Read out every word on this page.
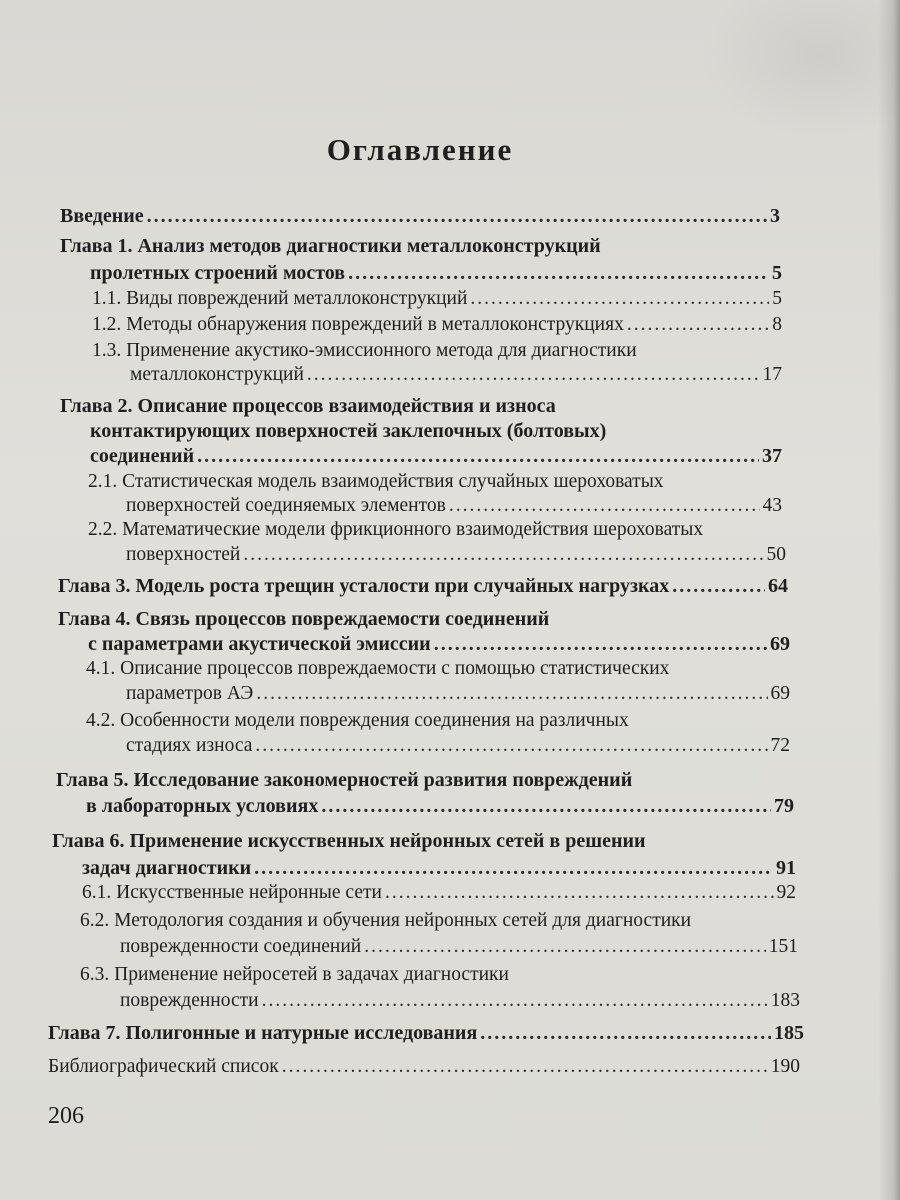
Оглавление
Введение .....	3
Глава 1. Анализ методов диагностики металлоконструкций
пролетных строений мостов .....	5
1.1. Виды повреждений металлоконструкций .....	5
1.2. Методы обнаружения повреждений в металлоконструкциях .....	8
1.3. Применение акустико-эмиссионного метода для диагностики
металлоконструкций .....	17
Глава 2. Описание процессов взаимодействия и износа
контактирующих поверхностей заклепочных (болтовых)
соединений .....	37
2.1. Статистическая модель взаимодействия случайных шероховатых
поверхностей соединяемых элементов .....	43
2.2. Математические модели фрикционного взаимодействия шероховатых
поверхностей .....	50
Глава 3. Модель роста трещин усталости при случайных нагрузках .....	64
Глава 4. Связь процессов повреждаемости соединений
с параметрами акустической эмиссии .....	69
4.1. Описание процессов повреждаемости с помощью статистических
параметров АЭ .....	69
4.2. Особенности модели повреждения соединения на различных
стадиях износа .....	72
Глава 5. Исследование закономерностей развития повреждений
в лабораторных условиях .....	79
Глава 6. Применение искусственных нейронных сетей в решении
задач диагностики .....	91
6.1. Искусственные нейронные сети .....	92
6.2. Методология создания и обучения нейронных сетей для диагностики
поврежденности соединений .....	151
6.3. Применение нейросетей в задачах диагностики
поврежденности .....	183
Глава 7. Полигонные и натурные исследования .....	185
Библиографический список .....	190
206
